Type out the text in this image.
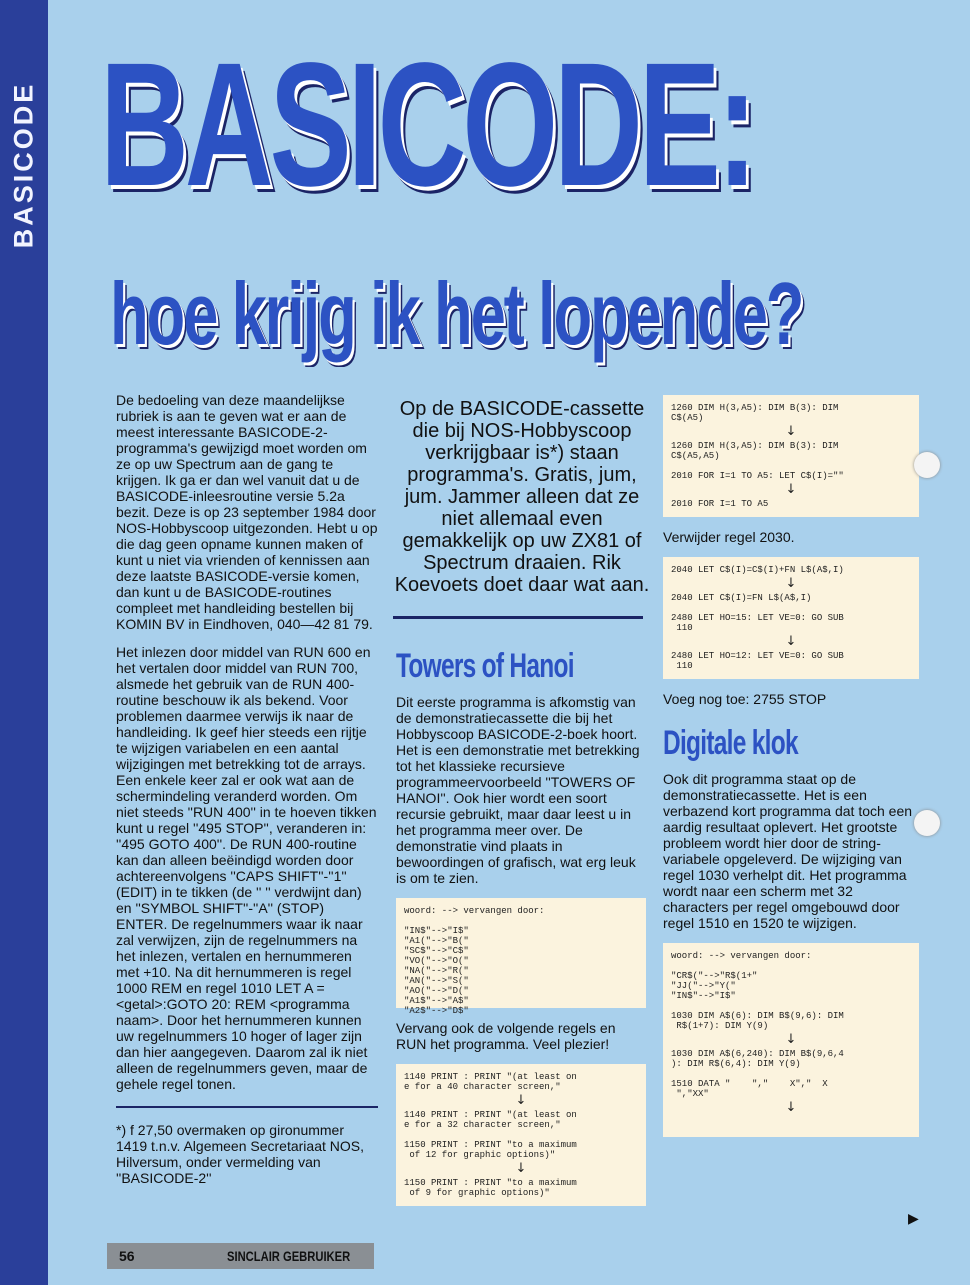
BASICODE BASICODE:
hoe krijg ik het lopende?

De bedoeling van deze maandelijkse rubriek is aan te geven wat er aan de meest interessante BASICODE-2-programma's gewijzigd moet worden om ze op uw Spectrum aan de gang te krijgen. Ik ga er dan wel vanuit dat u de BASICODE-inleesroutine versie 5.2a bezit. Deze is op 23 september 1984 door NOS-Hobbyscoop uitgezonden. Hebt u op die dag geen opname kunnen maken of kunt u niet via vrienden of kennissen aan deze laatste BASICODE-versie komen, dan kunt u de BASICODE-routines compleet met handleiding bestellen bij KOMIN BV in Eindhoven, 040—42 81 79.

Het inlezen door middel van RUN 600 en het vertalen door middel van RUN 700, alsmede het gebruik van de RUN 400-routine beschouw ik als bekend. Voor problemen daarmee verwijs ik naar de handleiding. Ik geef hier steeds een rijtje te wijzigen variabelen en een aantal wijzigingen met betrekking tot de arrays. Een enkele keer zal er ook wat aan de schermindeling veranderd worden. Om niet steeds ''RUN 400'' in te hoeven tikken kunt u regel ''495 STOP'', veranderen in: ''495 GOTO 400''. De RUN 400-routine kan dan alleen beëindigd worden door achtereenvolgens ''CAPS SHIFT''-''1'' (EDIT) in te tikken (de '' '' verdwijnt dan) en ''SYMBOL SHIFT''-''A'' (STOP) ENTER. De regelnummers waar ik naar zal verwijzen, zijn de regelnummers na het inlezen, vertalen en hernummeren met +10. Na dit hernummeren is regel 1000 REM en regel 1010 LET A = <getal>:GOTO 20: REM <programma naam>. Door het hernummeren kunnen uw regelnummers 10 hoger of lager zijn dan hier aangegeven. Daarom zal ik niet alleen de regelnummers geven, maar de gehele regel tonen.

*) f 27,50 overmaken op gironummer 1419 t.n.v. Algemeen Secretariaat NOS, Hilversum, onder vermelding van ''BASICODE-2''

Op de BASICODE-cassette die bij NOS-Hobbyscoop verkrijgbaar is*) staan programma's. Gratis, jum, jum. Jammer alleen dat ze niet allemaal even gemakkelijk op uw ZX81 of Spectrum draaien. Rik Koevoets doet daar wat aan.

Towers of Hanoi

Dit eerste programma is afkomstig van de demonstratiecassette die bij het Hobbyscoop BASICODE-2-boek hoort. Het is een demonstratie met betrekking tot het klassieke recursieve programmeervoorbeeld ''TOWERS OF HANOI''. Ook hier wordt een soort recursie gebruikt, maar daar leest u in het programma meer over. De demonstratie vind plaats in bewoordingen of grafisch, wat erg leuk is om te zien.

woord: --> vervangen door:

"IN$"-->"I$"
"A1("-->"B("
"SC$"-->"C$"
"VO("-->"O("
"NA("-->"R("
"AN("-->"S("
"AO("-->"D("
"A1$"-->"A$"
"A2$"-->"D$"

Vervang ook de volgende regels en RUN het programma. Veel plezier!

1140 PRINT : PRINT "(at least on
e for a 40 character screen,"
↓
1140 PRINT : PRINT "(at least on
e for a 32 character screen,"
1150 PRINT : PRINT "to a maximum
of 12 for graphic options)"
↓
1150 PRINT : PRINT "to a maximum
of 9 for graphic options)"
1260 DIM H(3,A5): DIM B(3): DIM
C$(A5)
↓
1260 DIM H(3,A5): DIM B(3): DIM
C$(A5,A5)
2010 FOR I=1 TO A5: LET C$(I)=""
↓
2010 FOR I=1 TO A5

Verwijder regel 2030.

2040 LET C$(I)=C$(I)+FN L$(A$,I)
↓
2040 LET C$(I)=FN L$(A$,I)
2480 LET HO=15: LET VE=0: GO SUB
110
↓
2480 LET HO=12: LET VE=0: GO SUB
110

Voeg nog toe: 2755 STOP

Digitale klok

Ook dit programma staat op de demonstratiecassette. Het is een verbazend kort programma dat toch een aardig resultaat oplevert. Het grootste probleem wordt hier door de string-variabele opgeleverd. De wijziging van regel 1030 verhelpt dit. Het programma wordt naar een scherm met 32 characters per regel omgebouwd door regel 1510 en 1520 te wijzigen.

woord: --> vervangen door:

"CR$("-->"R$(1+"
"JJ("-->"Y("
"IN$"-->"I$"

1030 DIM A$(6): DIM B$(9,6): DIM
R$(1+7): DIM Y(9)
↓
1030 DIM A$(6,240): DIM B$(9,6,4
): DIM R$(6,4): DIM Y(9)
1510 DATA "    ","    X","  X
","XX"
↓
▶
56	SINCLAIR GEBRUIKER
